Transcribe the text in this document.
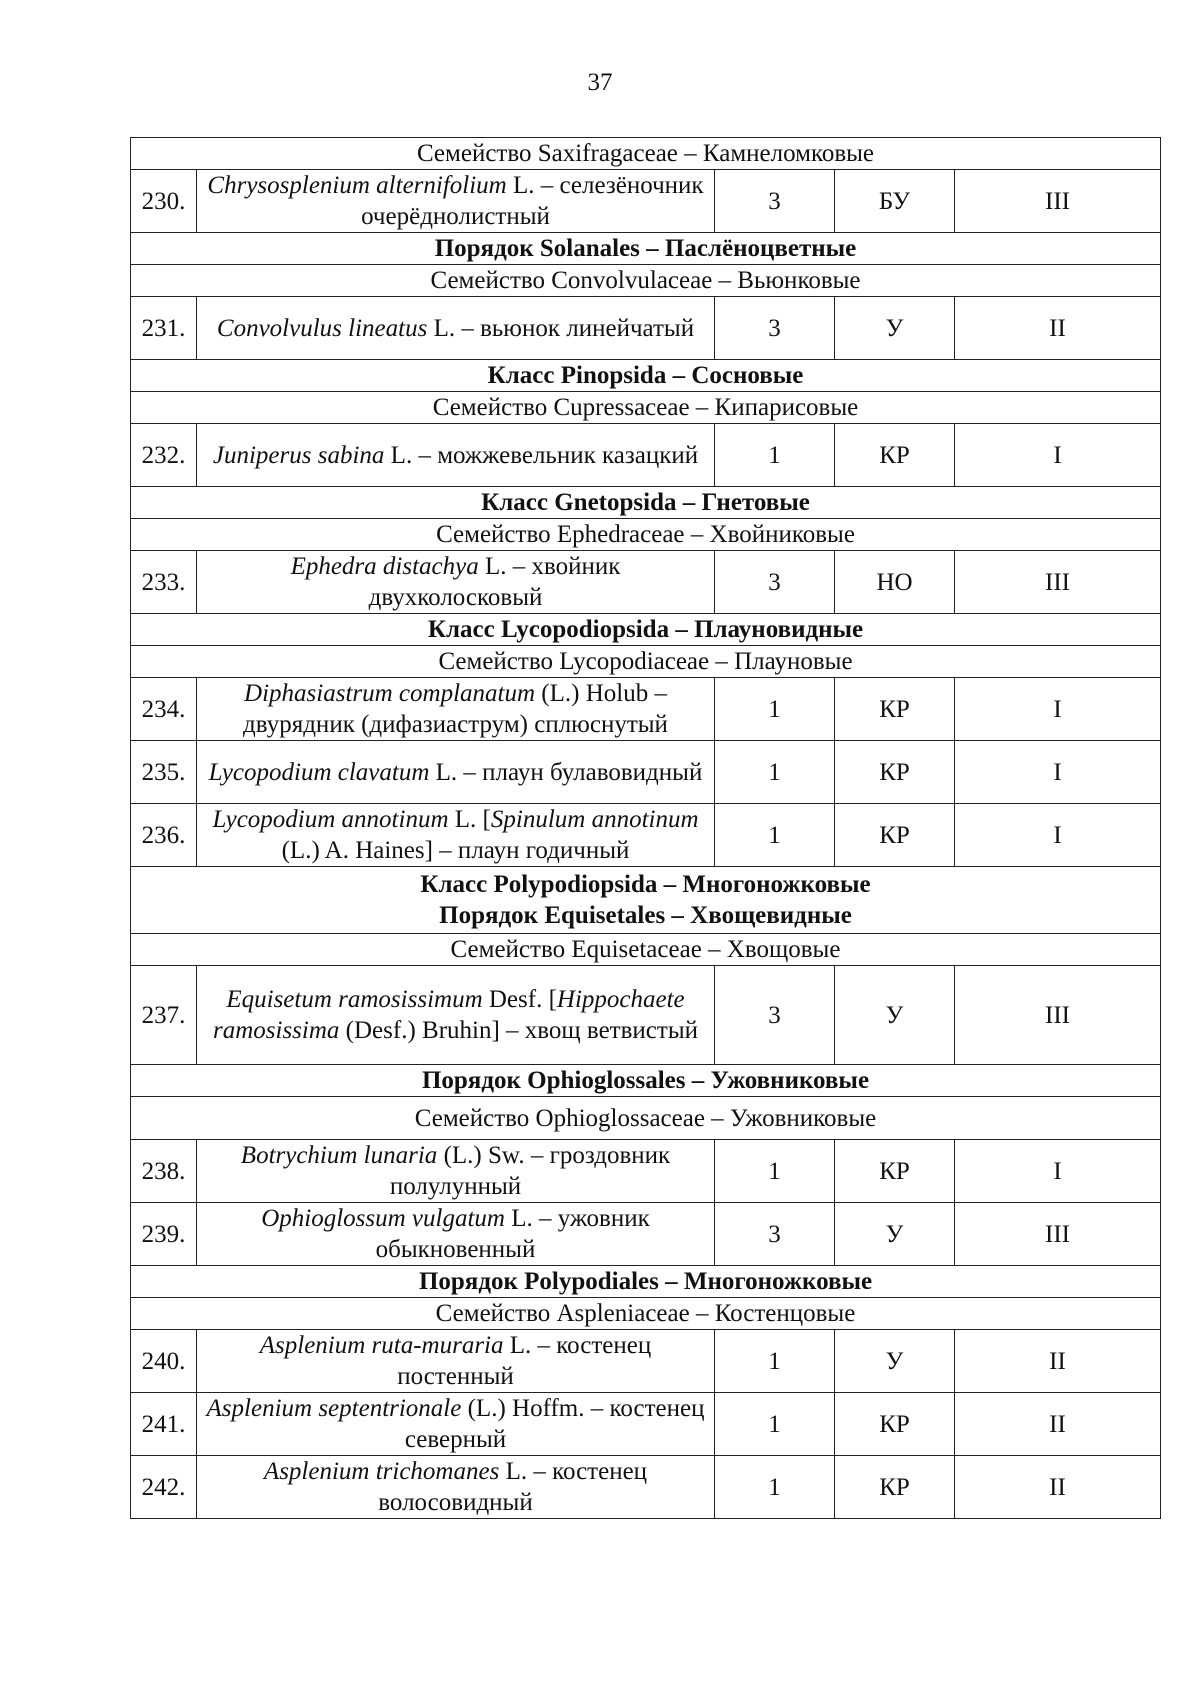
37
Семейство Saxifragaceae – Камнеломковые				
230.	Chrysosplenium alternifolium L. – селезёночник очерёднолистный	3	БУ	III
Порядок Solanales – Паслёноцветные				
Семейство Convolvulaceae – Вьюнковые				
231.	Convolvulus lineatus L. – вьюнок линейчатый	3	У	II
Класс Pinopsida – Сосновые				
Семейство Cupressaceae – Кипарисовые				
232.	Juniperus sabina L. – можжевельник казацкий	1	КР	I
Класс Gnetopsida – Гнетовые				
Семейство Ephedraceae – Хвойниковые				
233.	Ephedra distachya L. – хвойник двухколосковый	3	НО	III
Класс Lycopodiopsida – Плауновидные				
Семейство Lycopodiaceae – Плауновые				
234.	Diphasiastrum complanatum (L.) Holub – двурядник (дифазиаструм) сплюснутый	1	КР	I
235.	Lycopodium clavatum L. – плаун булавовидный	1	КР	I
236.	Lycopodium annotinum L. [Spinulum annotinum (L.) A. Haines] – плаун годичный	1	КР	I

Класс Polypodiopsida – Многоножковые
Порядок Equisetales – Хвощевидные				

Семейство Equisetaceae – Хвощовые				
237.	Equisetum ramosissimum Desf. [Hippochaete ramosissima (Desf.) Bruhin] – хвощ ветвистый	3	У	III
Порядок Ophioglossales – Ужовниковые				
Семейство Ophioglossaceae – Ужовниковые				
238.	Botrychium lunaria (L.) Sw. – гроздовник полулунный	1	КР	I
239.	Ophioglossum vulgatum L. – ужовник обыкновенный	3	У	III
Порядок Polypodiales – Многоножковые				
Семейство Aspleniaceae – Костенцовые				
240.	Asplenium ruta-muraria L. – костенец постенный	1	У	II
241.	Asplenium septentrionale (L.) Hoffm. – костенец северный	1	КР	II
242.	Asplenium trichomanes L. – костенец волосовидный	1	КР	II
